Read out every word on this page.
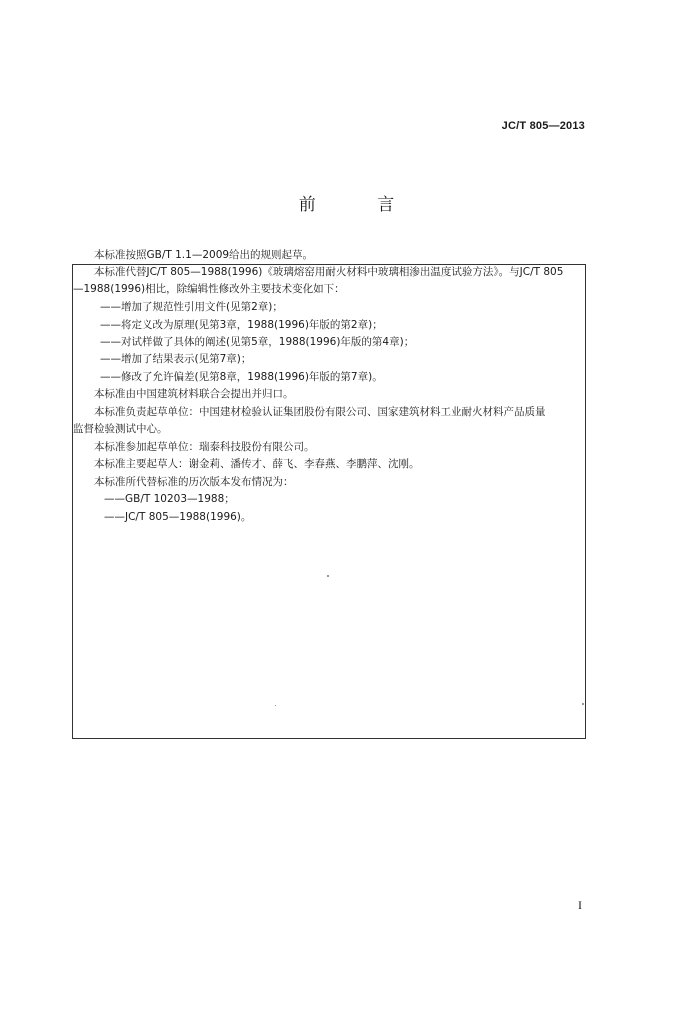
JC/T 805—2013
前 言
本标准按照GB/T 1.1—2009给出的规则起草。
本标准代替JC/T 805—1988(1996)《玻璃熔窑用耐火材料中玻璃相渗出温度试验方法》。与JC/T 805
—1988(1996)相比，除编辑性修改外主要技术变化如下：
——增加了规范性引用文件(见第2章)；
——将定义改为原理(见第3章，1988(1996)年版的第2章)；
——对试样做了具体的阐述(见第5章，1988(1996)年版的第4章)；
——增加了结果表示(见第7章)；
——修改了允许偏差(见第8章，1988(1996)年版的第7章)。
本标准由中国建筑材料联合会提出并归口。
本标准负责起草单位：中国建材检验认证集团股份有限公司、国家建筑材料工业耐火材料产品质量
监督检验测试中心。
本标准参加起草单位：瑞泰科技股份有限公司。
本标准主要起草人：谢金莉、潘传才、薛飞、李春燕、李鹏萍、沈刚。
本标准所代替标准的历次版本发布情况为：
——GB/T 10203—1988；
——JC/T 805—1988(1996)。
I
